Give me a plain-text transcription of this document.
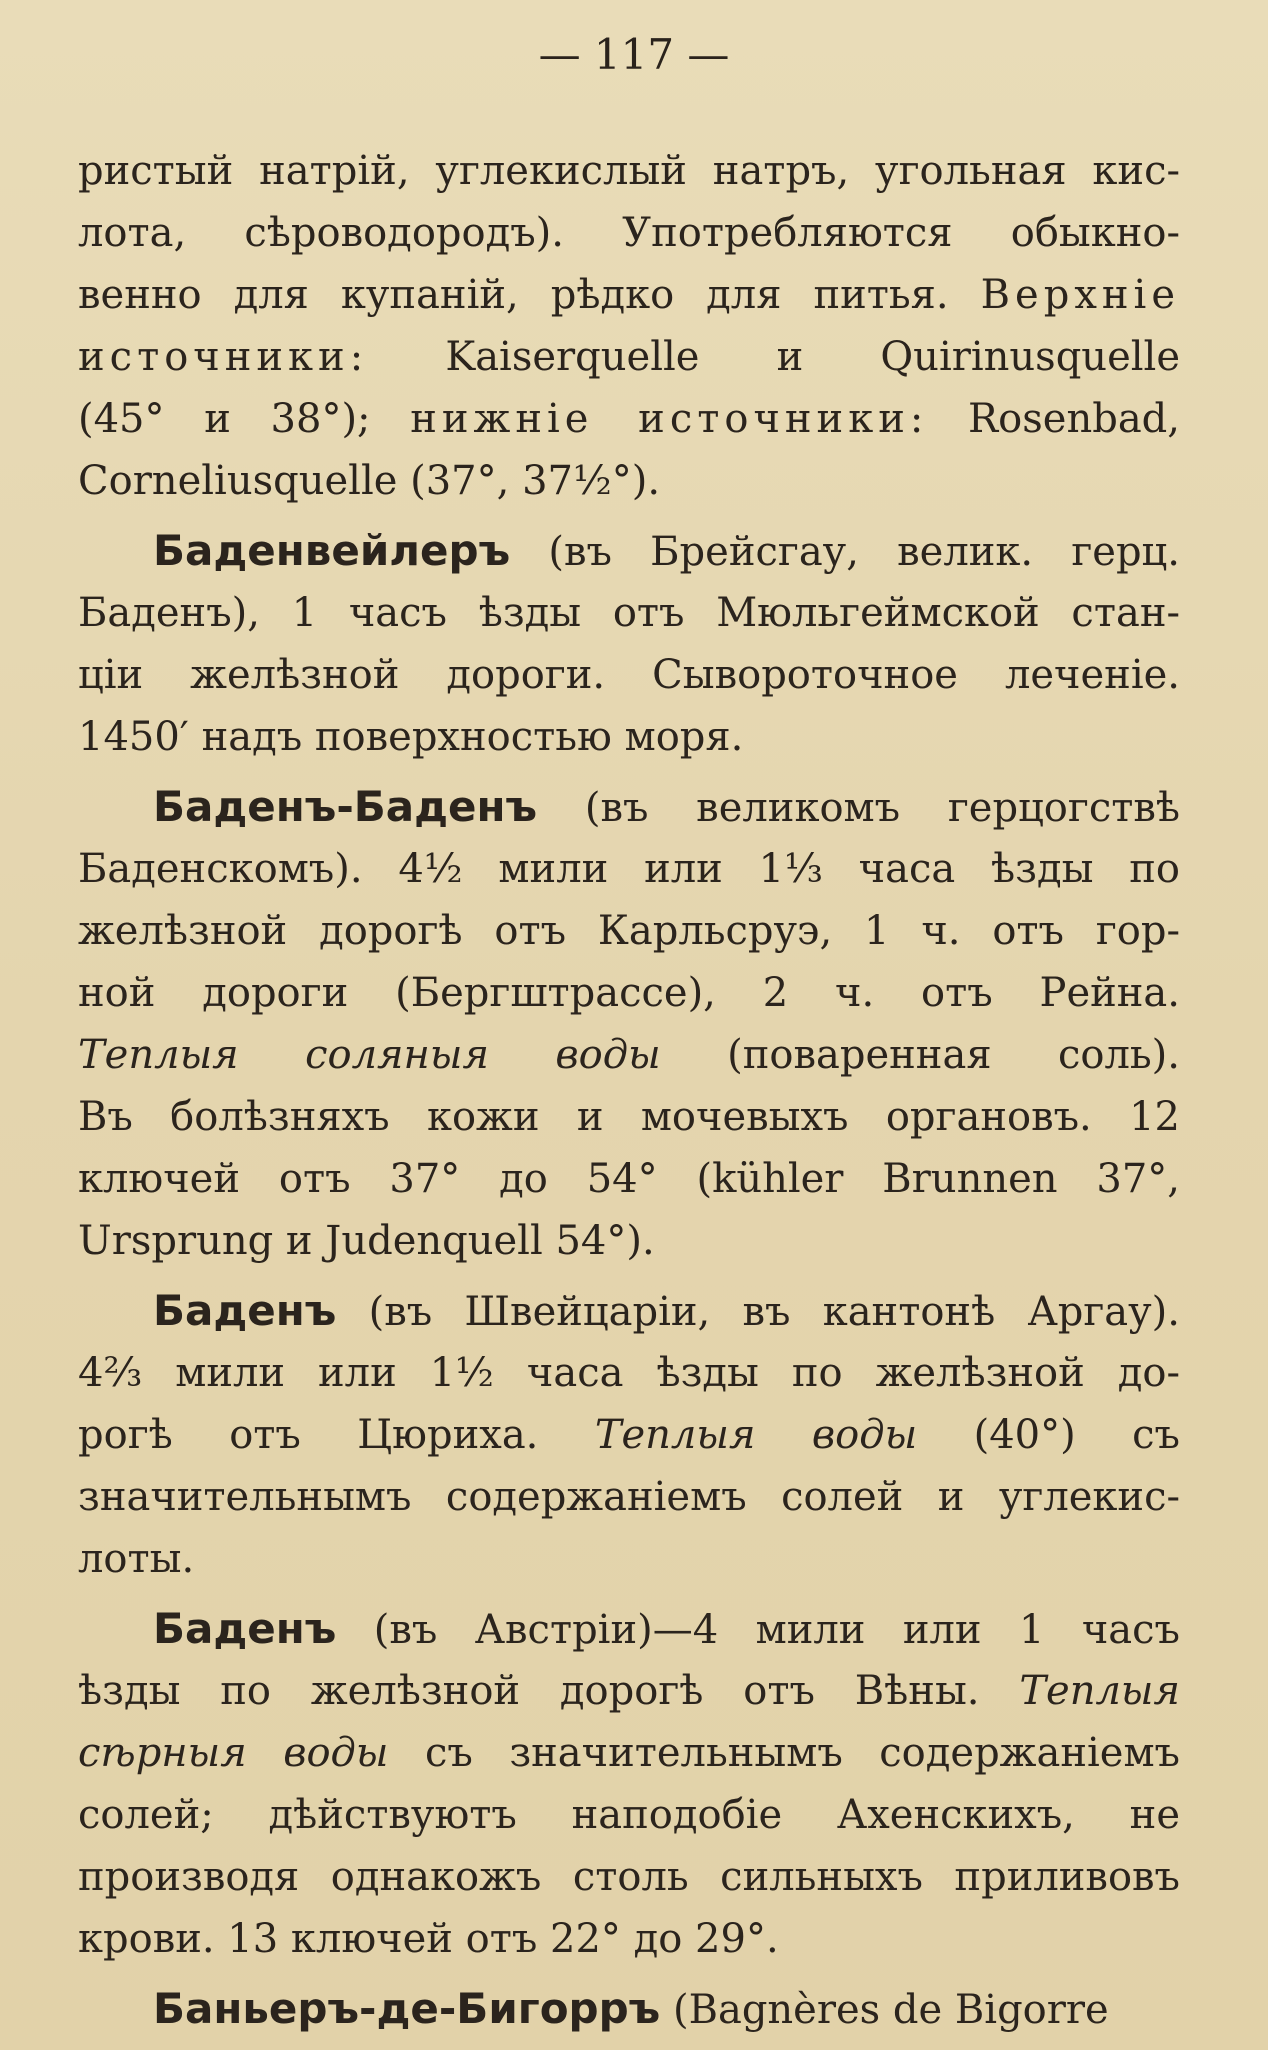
— 117 —
ристый натрій, углекислый натръ, угольная кис-
лота, сѣроводородъ). Употребляются обыкно-
венно для купаній, рѣдко для питья. Верхніе
источники: Kaiserquelle и Quirinusquelle
(45° и 38°); нижніе источники: Rosenbad,
Corneliusquelle (37°, 37½°).
Баденвейлеръ (въ Брейсгау, велик. герц.
Баденъ), 1 часъ ѣзды отъ Мюльгеймской стан-
ціи желѣзной дороги. Сывороточное леченіе.
1450′ надъ поверхностью моря.
Баденъ-Баденъ (въ великомъ герцогствѣ
Баденскомъ). 4½ мили или 1⅓ часа ѣзды по
желѣзной дорогѣ отъ Карльсруэ, 1 ч. отъ гор-
ной дороги (Бергштрассе), 2 ч. отъ Рейна.
Теплыя соляныя воды (поваренная соль).
Въ болѣзняхъ кожи и мочевыхъ органовъ. 12
ключей отъ 37° до 54° (kühler Brunnen 37°,
Ursprung и Judenquell 54°).
Баденъ (въ Швейцаріи, въ кантонѣ Аргау).
4⅔ мили или 1½ часа ѣзды по желѣзной до-
рогѣ отъ Цюриха. Теплыя воды (40°) съ
значительнымъ содержаніемъ солей и углекис-
лоты.
Баденъ (въ Австріи)—4 мили или 1 часъ
ѣзды по желѣзной дорогѣ отъ Вѣны. Теплыя
сѣрныя воды съ значительнымъ содержаніемъ
солей; дѣйствуютъ наподобіе Ахенскихъ, не
производя однакожъ столь сильныхъ приливовъ
крови. 13 ключей отъ 22° до 29°.
Баньеръ-де-Бигорръ (Bagnères de Bigorre
